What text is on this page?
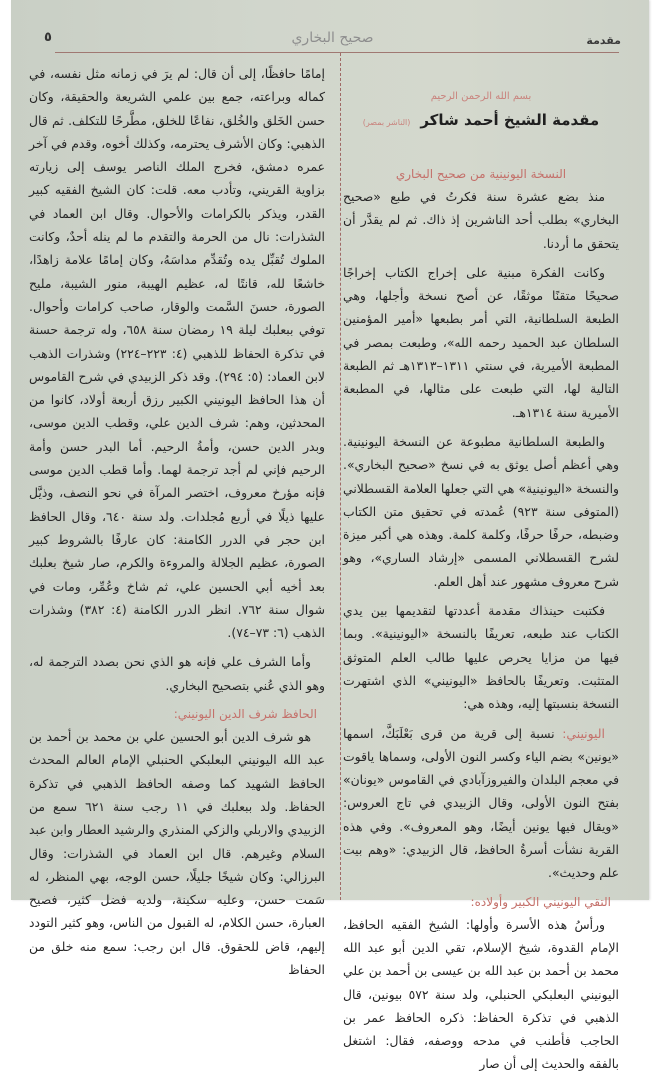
مقدمة
صحيح البخاري
٥
بسم الله الرحمن الرحيم
مقدمة الشيخ أحمد شاكر (الناشر بمصر)
النسخة اليونينية من صحيح البخاري

منذ بضع عشرة سنة فكرتُ في طبع «صحيح البخاري» بطلب أحد الناشرين إذ ذاك. ثم لم يقدَّر أن يتحقق ما أردنا.

وكانت الفكرة مبنية على إخراج الكتاب إخراجًا صحيحًا متقنًا موثقًا، عن أصح نسخة وأجلها، وهي الطبعة السلطانية، التي أمر بطبعها «أمير المؤمنين السلطان عبد الحميد رحمه الله»، وطبعت بمصر في المطبعة الأميرية، في سنتي ١٣١١–١٣١٣هـ ثم الطبعة التالية لها، التي طبعت على مثالها، في المطبعة الأميرية سنة ١٣١٤هـ.

والطبعة السلطانية مطبوعة عن النسخة اليونينية. وهي أعظم أصل يوثق به في نسخ «صحيح البخاري». والنسخة «اليونينية» هي التي جعلها العلامة القسطلاني (المتوفى سنة ٩٢٣) عُمدته في تحقيق متن الكتاب وضبطه، حرفًا حرفًا، وكلمة كلمة. وهذه هي أكبر ميزة لشرح القسطلاني المسمى «إرشاد الساري»، وهو شرح معروف مشهور عند أهل العلم.

فكتبت حينذاك مقدمة أعددتها لتقديمها بين يدي الكتاب عند طبعه، تعريفًا بالنسخة «اليونينية». وبما فيها من مزايا يحرص عليها طالب العلم المتوثق المتثبت. وتعريفًا بالحافظ «اليونيني» الذي اشتهرت النسخة بنسبتها إليه، وهذه هي:

اليونيني: نسبة إلى قرية من قرى بَعْلَبَكَّ، اسمها «يونين» بضم الياء وكسر النون الأولى، وسماها ياقوت في معجم البلدان والفيروزآبادي في القاموس «يونان» بفتح النون الأولى، وقال الزبيدي في تاج العروس: «ويقال فيها يونين أيضًا، وهو المعروف». وفي هذه القرية نشأت أسرةُ الحافظ، قال الزبيدي: «وهم بيت علم وحديث».

التقي اليونيني الكبير وأولاده:

ورأسُ هذه الأسرة وأولها: الشيخ الفقيه الحافظ، الإمام القدوة، شيخ الإسلام، تقي الدين أبو عبد الله محمد بن أحمد بن عبد الله بن عيسى بن أحمد بن علي اليونيني البعلبكي الحنبلي، ولد سنة ٥٧٢ بيونين، قال الذهبي في تذكرة الحفاظ: ذكره الحافظ عمر بن الحاجب فأطنب في مدحه ووصفه، فقال: اشتغل بالفقه والحديث إلى أن صار

إمامًا حافظًا، إلى أن قال: لم يرَ في زمانه مثل نفسه، في كماله وبراعته، جمع بين علمي الشريعة والحقيقة، وكان حسن الخَلق والخُلق، نفاعًا للخلق، مطَّرحًا للتكلف. ثم قال الذهبي: وكان الأشرف يحترمه، وكذلك أخوه، وقدم في آخر عمره دمشق، فخرج الملك الناصر يوسف إلى زيارته بزاوية القريني، وتأدب معه. قلت: كان الشيخ الفقيه كبير القدر، ويذكر بالكرامات والأحوال. وقال ابن العماد في الشذرات: نال من الحرمة والتقدم ما لم ينله أحدٌ، وكانت الملوك تُقبِّل يده وتُقدِّم مداسَهُ، وكان إمامًا علامة زاهدًا، خاشعًا لله، قانتًا له، عظيم الهيبة، منور الشيبة، مليح الصورة، حسنَ السَّمت والوقار، صاحب كرامات وأحوال. توفي ببعلبك ليلة ١٩ رمضان سنة ٦٥٨، وله ترجمة حسنة في تذكرة الحفاظ للذهبي (٤: ٢٢٣–٢٢٤) وشذرات الذهب لابن العماد: (٥: ٢٩٤). وقد ذكر الزبيدي في شرح القاموس أن هذا الحافظ اليونيني الكبير رزق أربعة أولاد، كانوا من المحدثين، وهم: شرف الدين علي، وقطب الدين موسى، وبدر الدين حسن، وأمةُ الرحيم. أما البدر حسن وأمة الرحيم فإني لم أجد ترجمة لهما. وأما قطب الدين موسى فإنه مؤرخ معروف، اختصر المرآة في نحو النصف، وذيَّل عليها ذيلًا في أربع مُجلدات. ولد سنة ٦٤٠، وقال الحافظ ابن حجر في الدرر الكامنة: كان عارفًا بالشروط كبير الصورة، عظيم الجلالة والمروءة والكرم، صار شيخ بعلبك بعد أخيه أبي الحسين علي، ثم شاخ وعُمِّر، ومات في شوال سنة ٧٦٢. انظر الدرر الكامنة (٤: ٣٨٢) وشذرات الذهب (٦: ٧٣–٧٤).

وأما الشرف علي فإنه هو الذي نحن بصدد الترجمة له، وهو الذي عُني بتصحيح البخاري.

الحافظ شرف الدين اليونيني:

هو شرف الدين أبو الحسين علي بن محمد بن أحمد بن عبد الله اليونيني البعلبكي الحنبلي الإمام العالم المحدث الحافظ الشهيد كما وصفه الحافظ الذهبي في تذكرة الحفاظ. ولد ببعلبك في ١١ رجب سنة ٦٢١ سمع من الزبيدي والاربلي والزكي المنذري والرشيد العطار وابن عبد السلام وغيرهم. قال ابن العماد في الشذرات: وقال البرزالي: وكان شيخًا جليلًا، حسن الوجه، بهي المنظر، له سَمت حسن، وعليه سكينة، ولديه فضل كثير، فصيح العبارة، حسن الكلام، له القبول من الناس، وهو كثير التودد إليهم، قاض للحقوق. قال ابن رجب: سمع منه خلق من الحفاظ
